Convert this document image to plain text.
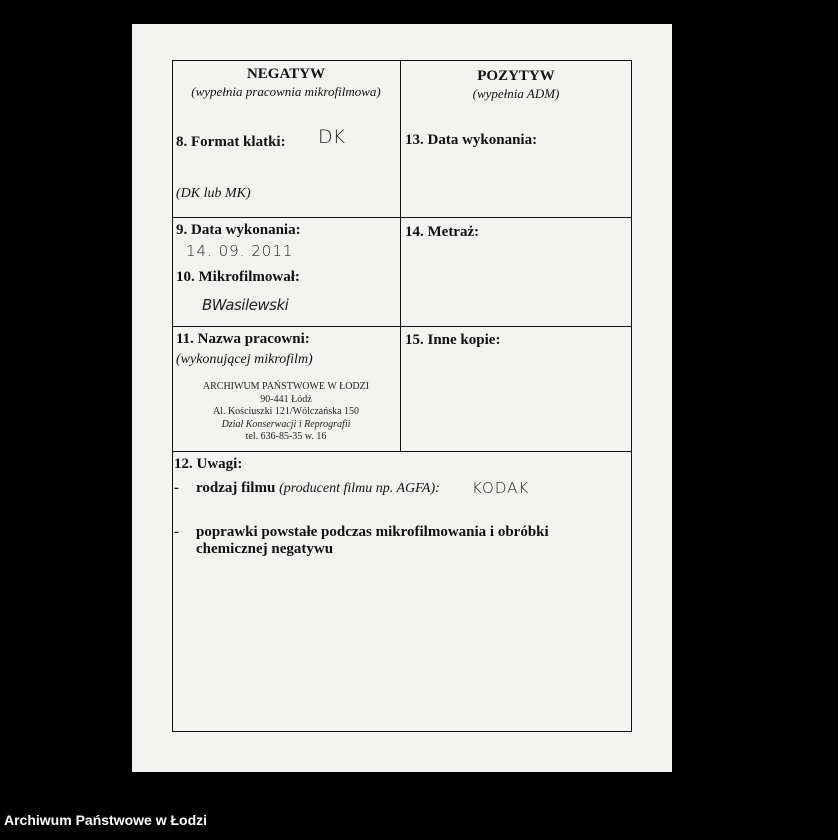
NEGATYW
(wypełnia pracownia mikrofilmowa)
POZYTYW
(wypełnia ADM)
8. Format klatki: DK
(DK lub MK)
13. Data wykonania:
9. Data wykonania:
14. 09. 2011
10. Mikrofilmował:
BWasilewski
14. Metraż:
11. Nazwa pracowni:
(wykonującej mikrofilm)
ARCHIWUM PAŃSTWOWE W ŁODZI
90-441 Łódź
Al. Kościuszki 121/Wólczańska 150
Dział Konserwacji i Reprografii
tel. 636-85-35 w. 16
15. Inne kopie:
12. Uwagi:
- rodzaj filmu (producent filmu np. AGFA): KODAK
- poprawki powstałe podczas mikrofilmowania i obróbki
chemicznej negatywu
Archiwum Państwowe w Łodzi
